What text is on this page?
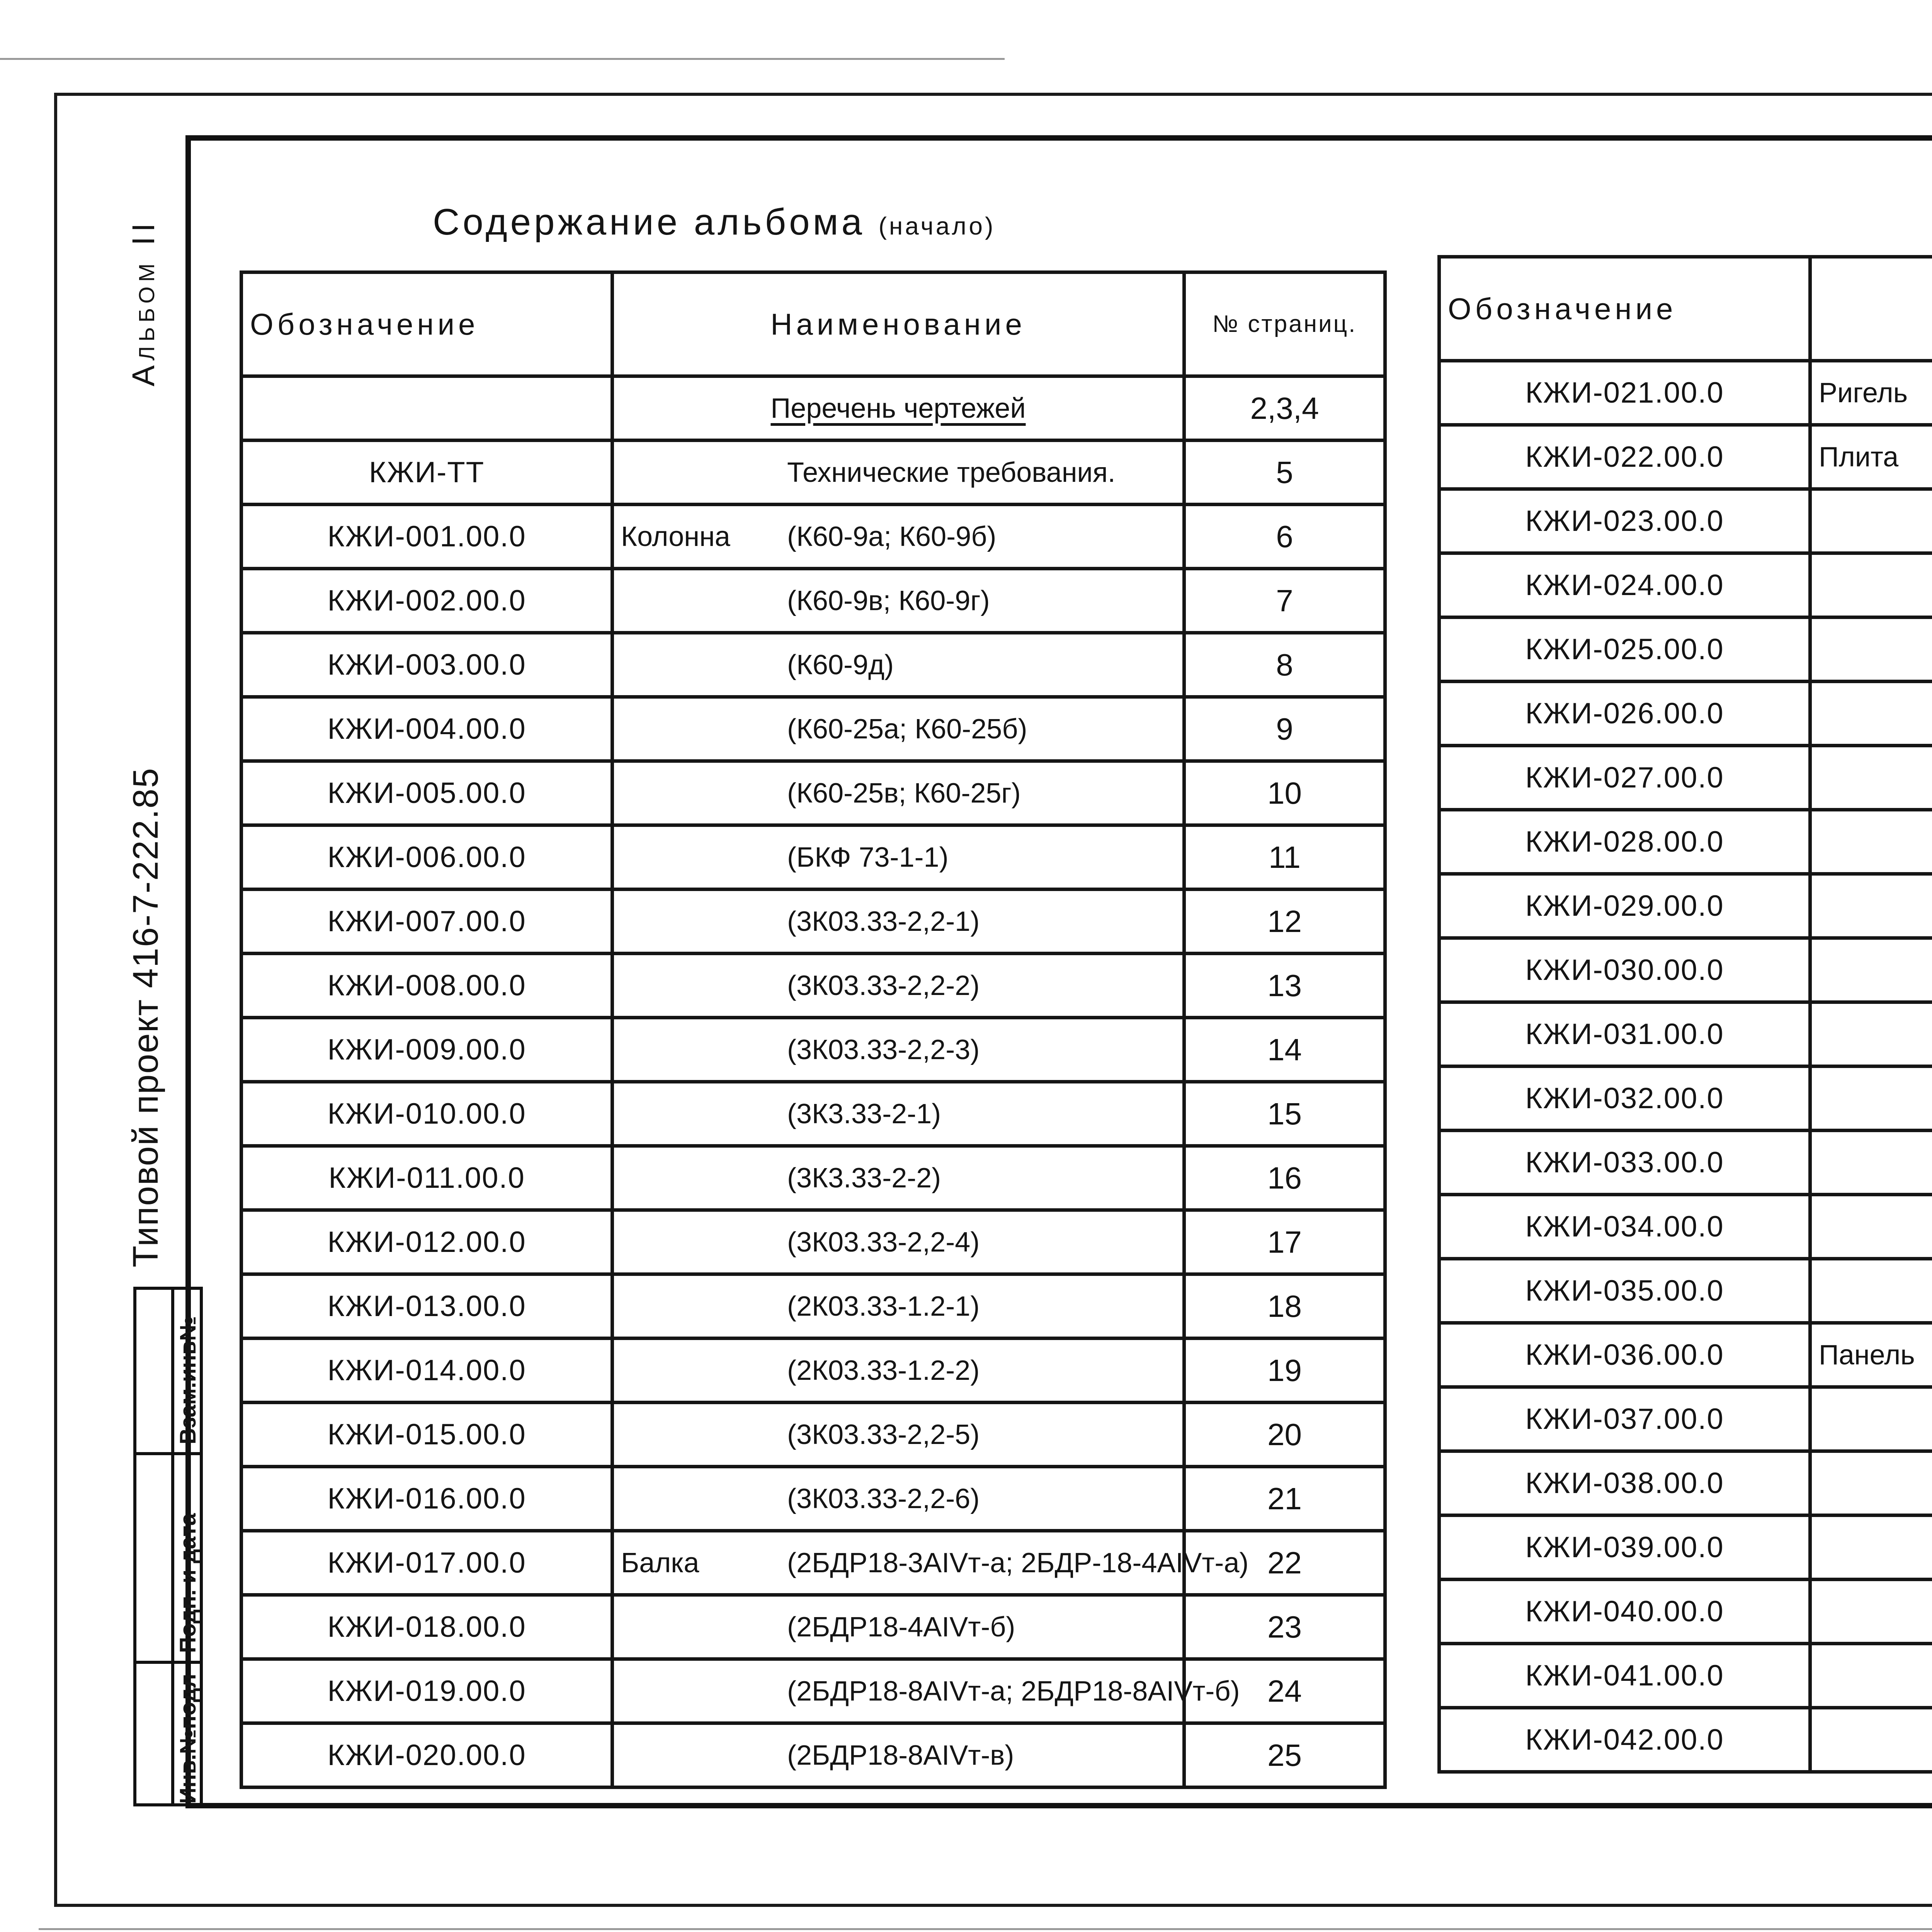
Альбом II
Типовой проект 416-7-222.85
Взам.инв№
Подп. и дата
Инв.№подл
Содержание альбома (начало)
Обозначение	Наименование	№ страниц.
	Перечень чертежей	2,3,4
КЖИ-ТТ	Технические требования.	5
КЖИ-001.00.0	Колонна (К60-9а; К60-9б)	6
КЖИ-002.00.0	(К60-9в; К60-9г)	7
КЖИ-003.00.0	(К60-9д)	8
КЖИ-004.00.0	(К60-25а; К60-25б)	9
КЖИ-005.00.0	(К60-25в; К60-25г)	10
КЖИ-006.00.0	(БКФ 73-1-1)	11
КЖИ-007.00.0	(3К03.33-2,2-1)	12
КЖИ-008.00.0	(3К03.33-2,2-2)	13
КЖИ-009.00.0	(3К03.33-2,2-3)	14
КЖИ-010.00.0	(3К3.33-2-1)	15
КЖИ-011.00.0	(3К3.33-2-2)	16
КЖИ-012.00.0	(3К03.33-2,2-4)	17
КЖИ-013.00.0	(2К03.33-1.2-1)	18
КЖИ-014.00.0	(2К03.33-1.2-2)	19
КЖИ-015.00.0	(3К03.33-2,2-5)	20
КЖИ-016.00.0	(3К03.33-2,2-6)	21
КЖИ-017.00.0	Балка (2БДР18-3АIVт-а; 2БДР-18-4АIVт-а)	22
КЖИ-018.00.0	(2БДР18-4АIVт-б)	23
КЖИ-019.00.0	(2БДР18-8АIVт-а; 2БДР18-8АIVт-б)	24
КЖИ-020.00.0	(2БДР18-8АIVт-в)	25
Обозначение		
КЖИ-021.00.0	Ригель	
КЖИ-022.00.0	Плита	
КЖИ-023.00.0		
КЖИ-024.00.0		
КЖИ-025.00.0		
КЖИ-026.00.0		
КЖИ-027.00.0		
КЖИ-028.00.0		
КЖИ-029.00.0		
КЖИ-030.00.0		
КЖИ-031.00.0		
КЖИ-032.00.0		
КЖИ-033.00.0		
КЖИ-034.00.0		
КЖИ-035.00.0		
КЖИ-036.00.0	Панель	
КЖИ-037.00.0		
КЖИ-038.00.0		
КЖИ-039.00.0		
КЖИ-040.00.0		
КЖИ-041.00.0		
КЖИ-042.00.0		
